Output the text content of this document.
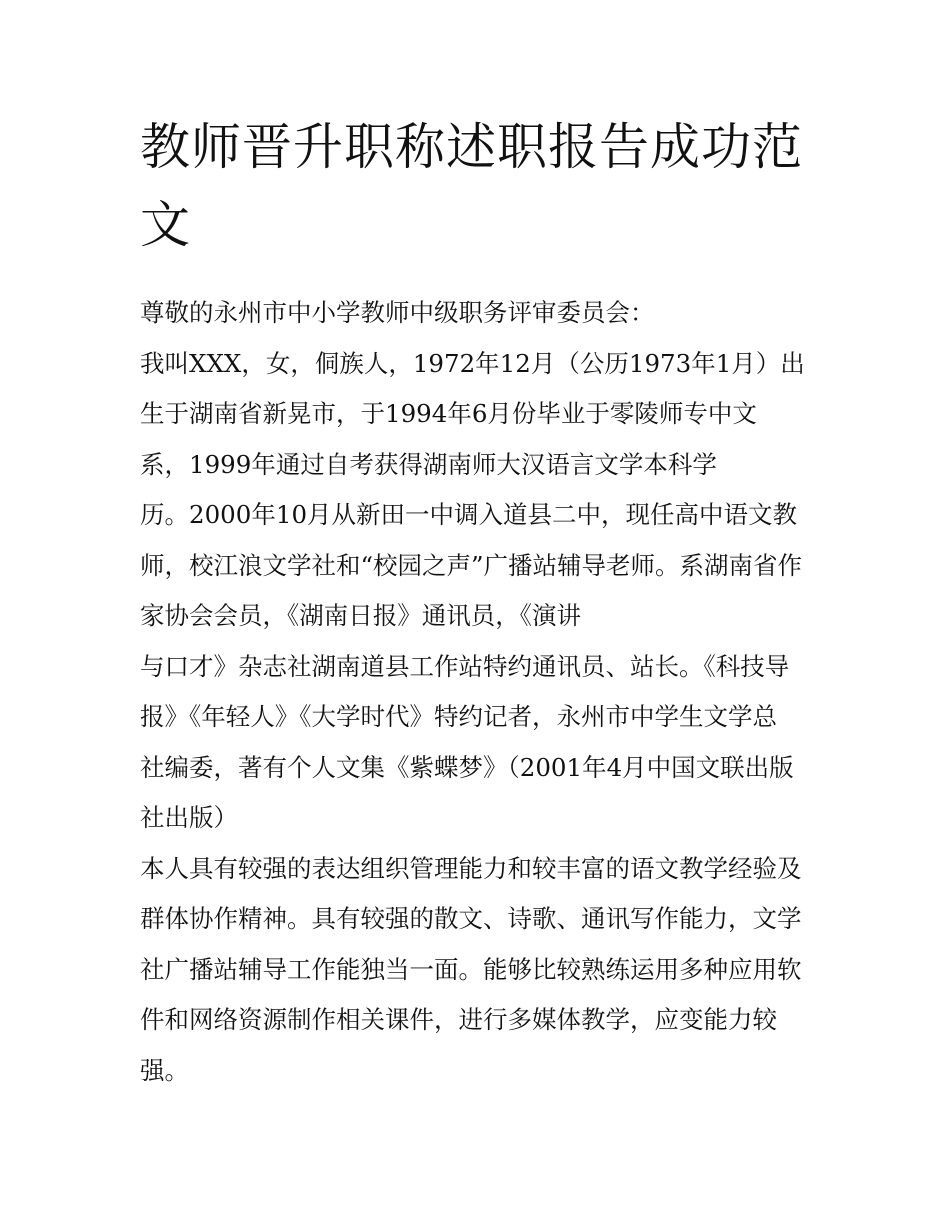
教师晋升职称述职报告成功范
文
尊敬的永州市中小学教师中级职务评审委员会：
我叫XXX，女，侗族人，1972年12月（公历1973年1月）出
生于湖南省新晃市，于1994年6月份毕业于零陵师专中文
系，1999年通过自考获得湖南师大汉语言文学本科学
历。2000年10月从新田一中调入道县二中，现任高中语文教
师，校江浪文学社和“校园之声”广播站辅导老师。系湖南省作
家协会会员，《湖南日报》通讯员，《演讲
与口才》杂志社湖南道县工作站特约通讯员、站长。《科技导
报》《年轻人》《大学时代》特约记者，永州市中学生文学总
社编委，著有个人文集《紫蝶梦》（2001年4月中国文联出版
社出版）
本人具有较强的表达组织管理能力和较丰富的语文教学经验及
群体协作精神。具有较强的散文、诗歌、通讯写作能力，文学
社广播站辅导工作能独当一面。能够比较熟练运用多种应用软
件和网络资源制作相关课件，进行多媒体教学，应变能力较
强。
